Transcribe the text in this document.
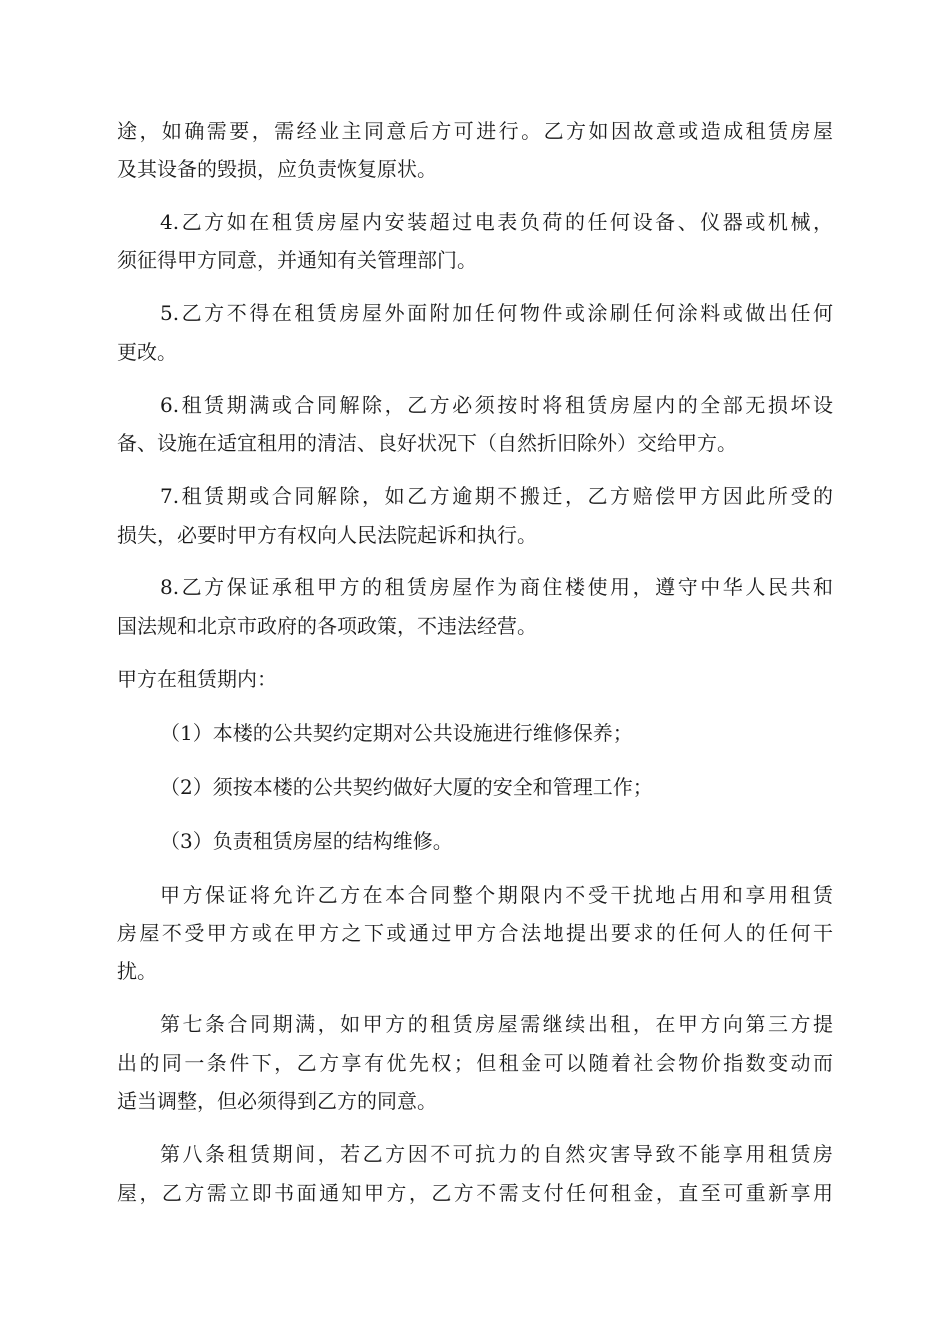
途，如确需要，需经业主同意后方可进行。乙方如因故意或造成租赁房屋
及其设备的毁损，应负责恢复原状。
4.乙方如在租赁房屋内安装超过电表负荷的任何设备、仪器或机械，
须征得甲方同意，并通知有关管理部门。
5.乙方不得在租赁房屋外面附加任何物件或涂刷任何涂料或做出任何
更改。
6.租赁期满或合同解除，乙方必须按时将租赁房屋内的全部无损坏设
备、设施在适宜租用的清洁、良好状况下（自然折旧除外）交给甲方。
7.租赁期或合同解除，如乙方逾期不搬迁，乙方赔偿甲方因此所受的
损失，必要时甲方有权向人民法院起诉和执行。
8.乙方保证承租甲方的租赁房屋作为商住楼使用，遵守中华人民共和
国法规和北京市政府的各项政策，不违法经营。
甲方在租赁期内：
（1）本楼的公共契约定期对公共设施进行维修保养；
（2）须按本楼的公共契约做好大厦的安全和管理工作；
（3）负责租赁房屋的结构维修。
甲方保证将允许乙方在本合同整个期限内不受干扰地占用和享用租赁
房屋不受甲方或在甲方之下或通过甲方合法地提出要求的任何人的任何干
扰。
第七条合同期满，如甲方的租赁房屋需继续出租，在甲方向第三方提
出的同一条件下，乙方享有优先权；但租金可以随着社会物价指数变动而
适当调整，但必须得到乙方的同意。
第八条租赁期间，若乙方因不可抗力的自然灾害导致不能享用租赁房
屋，乙方需立即书面通知甲方，乙方不需支付任何租金，直至可重新享用
